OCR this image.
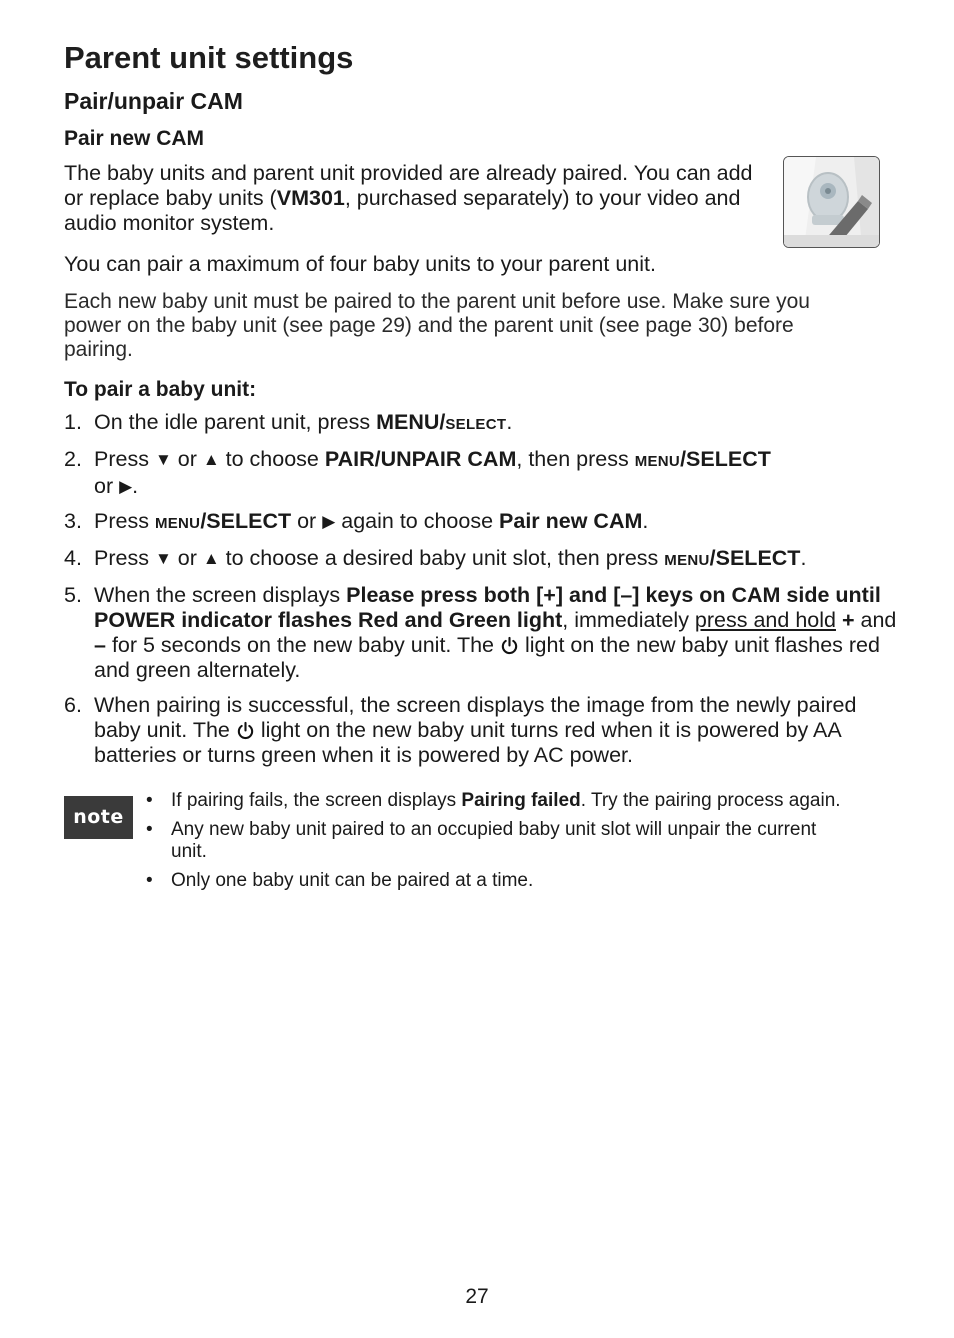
Parent unit settings
Pair/unpair CAM
Pair new CAM

The baby units and parent unit provided are already paired. You can add or replace baby units (VM301, purchased separately) to your video and audio monitor system.

You can pair a maximum of four baby units to your parent unit.

Each new baby unit must be paired to the parent unit before use. Make sure you power on the baby unit (see page 29) and the parent unit (see page 30) before pairing.

To pair a baby unit:
1. On the idle parent unit, press MENU/SELECT.
2. Press ▼ or ▲ to choose PAIR/UNPAIR CAM, then press MENU/SELECT
or ▶.
3. Press MENU/SELECT or ▶ again to choose Pair new CAM.
4. Press ▼ or ▲ to choose a desired baby unit slot, then press MENU/SELECT.
5. When the screen displays Please press both [+] and [–] keys on CAM side until POWER indicator flashes Red and Green light, immediately press and hold + and – for 5 seconds on the new baby unit. The  light on the new baby unit flashes red and green alternately.
6. When pairing is successful, the screen displays the image from the newly paired baby unit. The  light on the new baby unit turns red when it is powered by AA batteries or turns green when it is powered by AC power.
note
• If pairing fails, the screen displays Pairing failed. Try the pairing process again.
• Any new baby unit paired to an occupied baby unit slot will unpair the current unit.
• Only one baby unit can be paired at a time.
27
